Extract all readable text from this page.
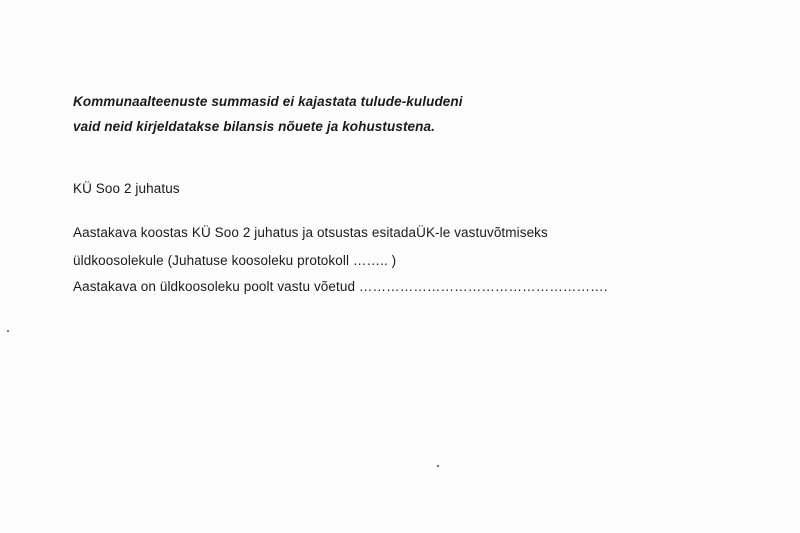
Kommunaalteenuste summasid ei kajastata tulude-kuludeni

vaid neid kirjeldatakse bilansis nõuete ja kohustustena.

KÜ Soo 2 juhatus

Aastakava koostas KÜ Soo 2 juhatus ja otsustas esitadaÜK-le vastuvõtmiseks

üldkoosolekule (Juhatuse koosoleku protokoll …….. )

Aastakava on üldkoosoleku poolt vastu võetud ……………………………………………….
